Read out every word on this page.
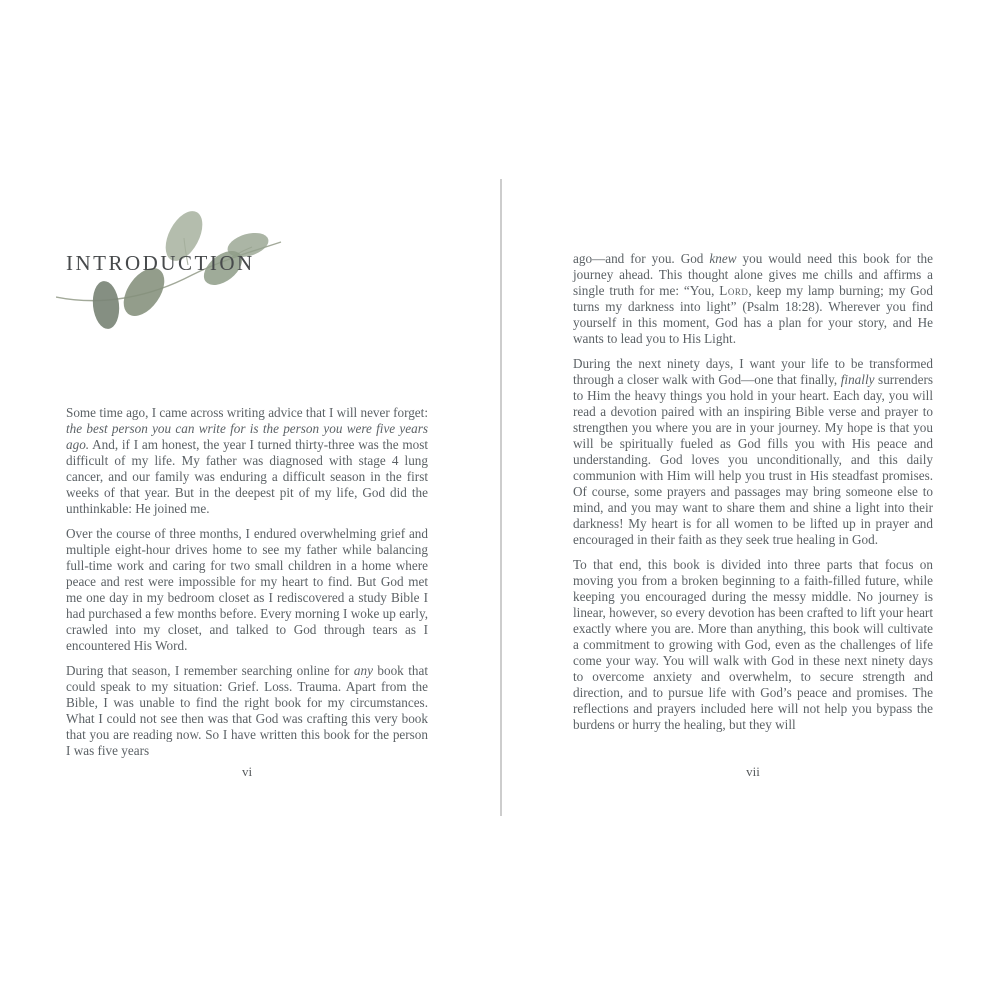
INTRODUCTION

Some time ago, I came across writing advice that I will never forget: the best person you can write for is the person you were five years ago. And, if I am honest, the year I turned thirty-three was the most difficult of my life. My father was diagnosed with stage 4 lung cancer, and our family was enduring a difficult season in the first weeks of that year. But in the deepest pit of my life, God did the unthinkable: He joined me.

Over the course of three months, I endured overwhelming grief and multiple eight-hour drives home to see my father while balancing full-time work and caring for two small children in a home where peace and rest were impossible for my heart to find. But God met me one day in my bedroom closet as I rediscovered a study Bible I had purchased a few months before. Every morning I woke up early, crawled into my closet, and talked to God through tears as I encountered His Word.

During that season, I remember searching online for any book that could speak to my situation: Grief. Loss. Trauma. Apart from the Bible, I was unable to find the right book for my circumstances. What I could not see then was that God was crafting this very book that you are reading now. So I have written this book for the person I was five years

ago—and for you. God knew you would need this book for the journey ahead. This thought alone gives me chills and affirms a single truth for me: “You, Lord, keep my lamp burning; my God turns my darkness into light” (Psalm 18:28). Wherever you find yourself in this moment, God has a plan for your story, and He wants to lead you to His Light.

During the next ninety days, I want your life to be transformed through a closer walk with God—one that finally, finally surrenders to Him the heavy things you hold in your heart. Each day, you will read a devotion paired with an inspiring Bible verse and prayer to strengthen you where you are in your journey. My hope is that you will be spiritually fueled as God fills you with His peace and understanding. God loves you unconditionally, and this daily communion with Him will help you trust in His steadfast promises. Of course, some prayers and passages may bring someone else to mind, and you may want to share them and shine a light into their darkness! My heart is for all women to be lifted up in prayer and encouraged in their faith as they seek true healing in God.

To that end, this book is divided into three parts that focus on moving you from a broken beginning to a faith-filled future, while keeping you encouraged during the messy middle. No journey is linear, however, so every devotion has been crafted to lift your heart exactly where you are. More than anything, this book will cultivate a commitment to growing with God, even as the challenges of life come your way. You will walk with God in these next ninety days to overcome anxiety and overwhelm, to secure strength and direction, and to pursue life with God’s peace and promises. The reflections and prayers included here will not help you bypass the burdens or hurry the healing, but they will

vi	vii
